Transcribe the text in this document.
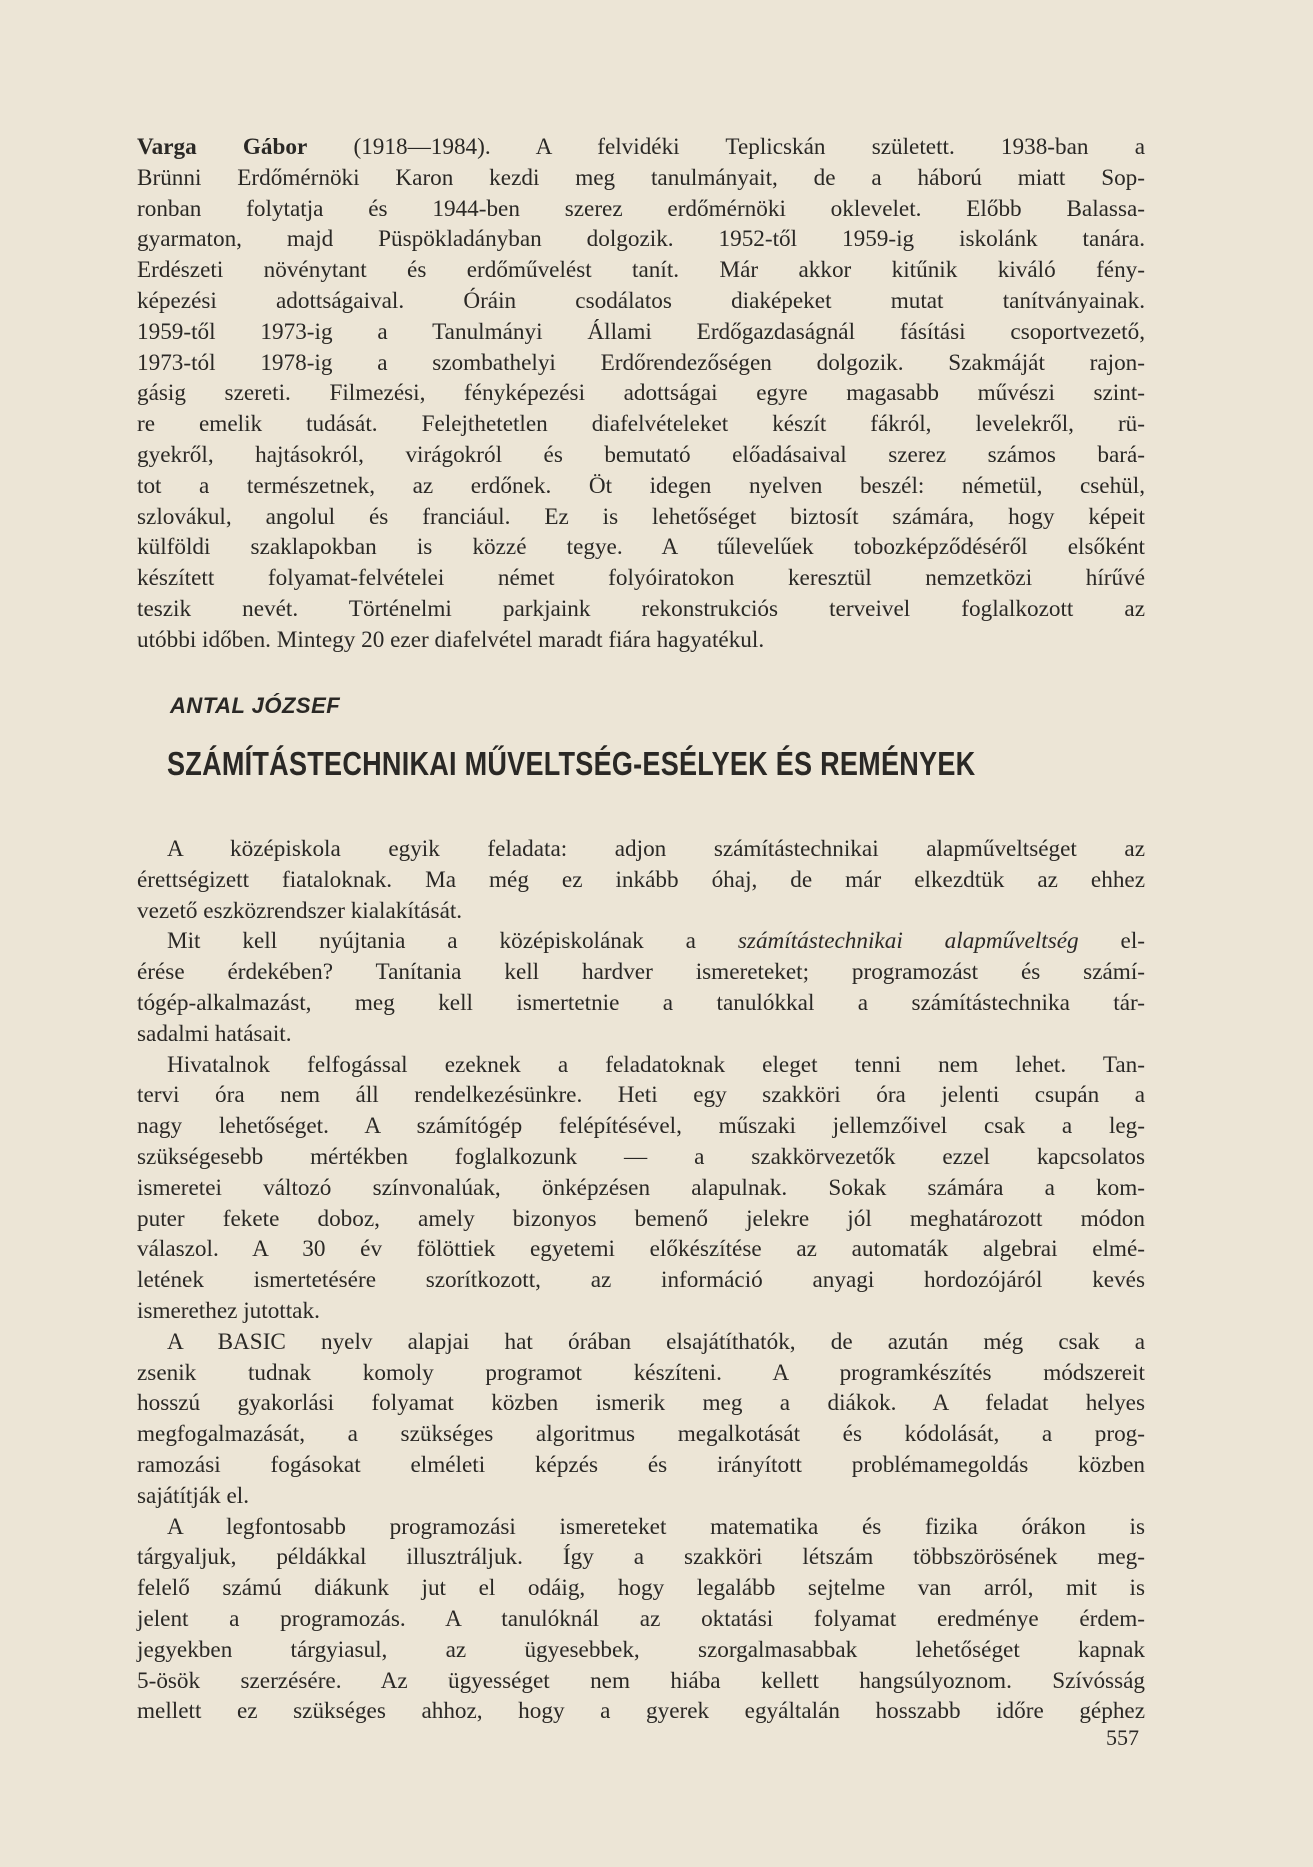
Varga Gábor (1918—1984). A felvidéki Teplicskán született. 1938-ban a
Brünni Erdőmérnöki Karon kezdi meg tanulmányait, de a háború miatt Sop-
ronban folytatja és 1944-ben szerez erdőmérnöki oklevelet. Előbb Balassa-
gyarmaton, majd Püspökladányban dolgozik. 1952-től 1959-ig iskolánk tanára.
Erdészeti növénytant és erdőművelést tanít. Már akkor kitűnik kiváló fény-
képezési adottságaival. Óráin csodálatos diaképeket mutat tanítványainak.
1959-től 1973-ig a Tanulmányi Állami Erdőgazdaságnál fásítási csoportvezető,
1973-tól 1978-ig a szombathelyi Erdőrendezőségen dolgozik. Szakmáját rajon-
gásig szereti. Filmezési, fényképezési adottságai egyre magasabb művészi szint-
re emelik tudását. Felejthetetlen diafelvételeket készít fákról, levelekről, rü-
gyekről, hajtásokról, virágokról és bemutató előadásaival szerez számos bará-
tot a természetnek, az erdőnek. Öt idegen nyelven beszél: németül, csehül,
szlovákul, angolul és franciául. Ez is lehetőséget biztosít számára, hogy képeit
külföldi szaklapokban is közzé tegye. A tűlevelűek tobozképződéséről elsőként
készített folyamat-felvételei német folyóiratokon keresztül nemzetközi hírűvé
teszik nevét. Történelmi parkjaink rekonstrukciós terveivel foglalkozott az
utóbbi időben. Mintegy 20 ezer diafelvétel maradt fiára hagyatékul.
ANTAL JÓZSEF
SZÁMÍTÁSTECHNIKAI MŰVELTSÉG-ESÉLYEK ÉS REMÉNYEK
A középiskola egyik feladata: adjon számítástechnikai alapműveltséget az
érettségizett fiataloknak. Ma még ez inkább óhaj, de már elkezdtük az ehhez
vezető eszközrendszer kialakítását.
Mit kell nyújtania a középiskolának a számítástechnikai alapműveltség el-
érése érdekében? Tanítania kell hardver ismereteket; programozást és számí-
tógép-alkalmazást, meg kell ismertetnie a tanulókkal a számítástechnika tár-
sadalmi hatásait.
Hivatalnok felfogással ezeknek a feladatoknak eleget tenni nem lehet. Tan-
tervi óra nem áll rendelkezésünkre. Heti egy szakköri óra jelenti csupán a
nagy lehetőséget. A számítógép felépítésével, műszaki jellemzőivel csak a leg-
szükségesebb mértékben foglalkozunk — a szakkörvezetők ezzel kapcsolatos
ismeretei változó színvonalúak, önképzésen alapulnak. Sokak számára a kom-
puter fekete doboz, amely bizonyos bemenő jelekre jól meghatározott módon
válaszol. A 30 év fölöttiek egyetemi előkészítése az automaták algebrai elmé-
letének ismertetésére szorítkozott, az információ anyagi hordozójáról kevés
ismerethez jutottak.
A BASIC nyelv alapjai hat órában elsajátíthatók, de azután még csak a
zsenik tudnak komoly programot készíteni. A programkészítés módszereit
hosszú gyakorlási folyamat közben ismerik meg a diákok. A feladat helyes
megfogalmazását, a szükséges algoritmus megalkotását és kódolását, a prog-
ramozási fogásokat elméleti képzés és irányított problémamegoldás közben
sajátítják el.
A legfontosabb programozási ismereteket matematika és fizika órákon is
tárgyaljuk, példákkal illusztráljuk. Így a szakköri létszám többszörösének meg-
felelő számú diákunk jut el odáig, hogy legalább sejtelme van arról, mit is
jelent a programozás. A tanulóknál az oktatási folyamat eredménye érdem-
jegyekben tárgyiasul, az ügyesebbek, szorgalmasabbak lehetőséget kapnak
5-ösök szerzésére. Az ügyességet nem hiába kellett hangsúlyoznom. Szívósság
mellett ez szükséges ahhoz, hogy a gyerek egyáltalán hosszabb időre géphez
557
